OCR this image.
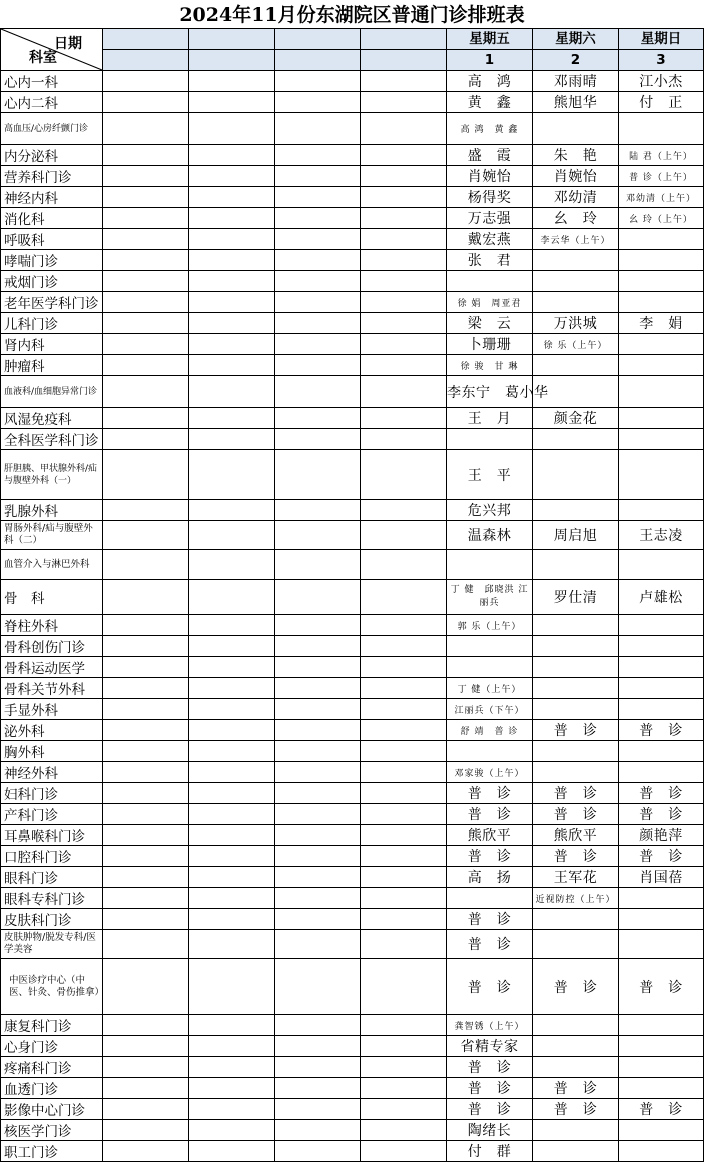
2024年11月份东湖院区普通门诊排班表
日期
科室					星期五	星期六	星期日
					1	2	3
心内一科					高　鸿	邓雨晴	江小杰
心内二科					黄　鑫	熊旭华	付　正
高血压/心房纤颤门诊					高 鸿　黄 鑫		
内分泌科					盛　霞	朱　艳	陆 君（上午）
营养科门诊					肖婉怡	肖婉怡	普 诊（上午）
神经内科					杨得奖	邓幼清	邓幼清（上午）
消化科					万志强	幺　玲	幺 玲（上午）
呼吸科					戴宏燕	李云华（上午）	
哮喘门诊					张　君		
戒烟门诊							
老年医学科门诊					徐 娟　周亚君		
儿科门诊					梁　云	万洪城	李　娟
肾内科					卜珊珊	徐 乐（上午）	
肿瘤科					徐 骏　甘 琳		
血液科/血细胞异常门诊					李东宁　葛小华		
风湿免疫科					王　月	颜金花	
全科医学科门诊							
肝胆胰、甲状腺外科/疝与腹壁外科（一）					王　平		
乳腺外科					危兴邦		
胃肠外科/疝与腹壁外科（二）					温森林	周启旭	王志凌
血管介入与淋巴外科							
骨　科					丁 健　邱晓洪 江丽兵	罗仕清	卢雄松
脊柱外科					郭 乐（上午）		
骨科创伤门诊							
骨科运动医学							
骨科关节外科					丁 健（上午）		
手显外科					江丽兵（下午）		
泌外科					舒 靖　普 诊	普　诊	普　诊
胸外科							
神经外科					邓家骏（上午）		
妇科门诊					普　诊	普　诊	普　诊
产科门诊					普　诊	普　诊	普　诊
耳鼻喉科门诊					熊欣平	熊欣平	颜艳萍
口腔科门诊					普　诊	普　诊	普　诊
眼科门诊					高　扬	王军花	肖国蓓
眼科专科门诊						近视防控（上午）	
皮肤科门诊					普　诊		
皮肤肿物/脱发专科/医学美容					普　诊		
中医诊疗中心（中医、针灸、骨伤推拿）					普　诊	普　诊	普　诊
康复科门诊					龚智锈（上午）		
心身门诊					省精专家		
疼痛科门诊					普　诊		
血透门诊					普　诊	普　诊	
影像中心门诊					普　诊	普　诊	普　诊
核医学门诊					陶绪长		
职工门诊					付　群		
